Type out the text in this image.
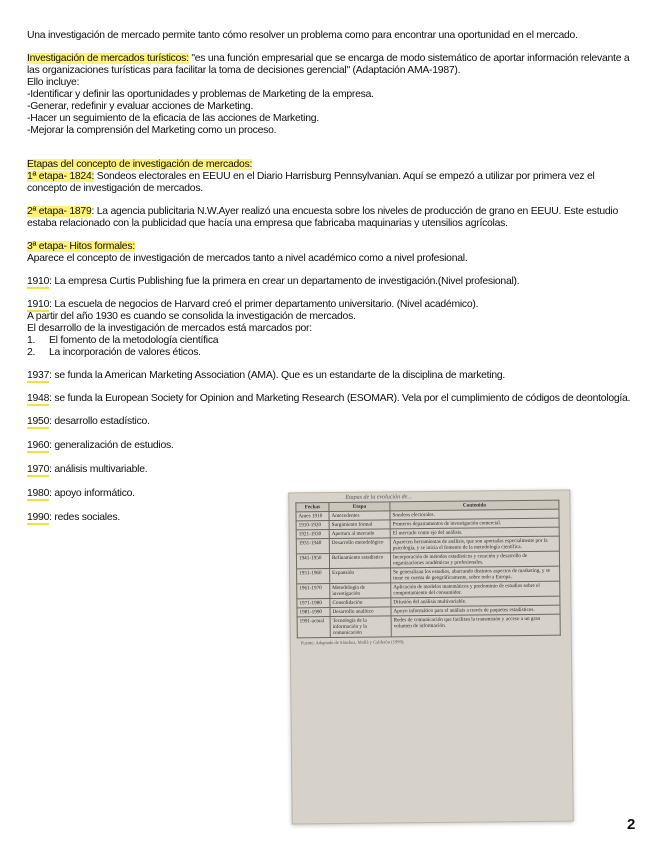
Una investigación de mercado permite tanto cómo resolver un problema como para encontrar una oportunidad en el mercado.

Investigación de mercados turísticos: "es una función empresarial que se encarga de modo sistemático de aportar información relevante a las organizaciones turísticas para facilitar la toma de decisiones gerencial" (Adaptación AMA-1987).

Ello incluye:

-Identificar y definir las oportunidades y problemas de Marketing de la empresa.

-Generar, redefinir y evaluar acciones de Marketing.

-Hacer un seguimiento de la eficacia de las acciones de Marketing.

-Mejorar la comprensión del Marketing como un proceso.

Etapas del concepto de investigación de mercados:

1ª etapa- 1824: Sondeos electorales en EEUU en el Diario Harrisburg Pennsylvanian. Aquí se empezó a utilizar por primera vez el concepto de investigación de mercados.

2ª etapa- 1879: La agencia publicitaria N.W.Ayer realizó una encuesta sobre los niveles de producción de grano en EEUU. Este estudio estaba relacionado con la publicidad que hacía una empresa que fabricaba maquinarias y utensilios agrícolas.

3ª etapa- Hitos formales:

Aparece el concepto de investigación de mercados tanto a nivel académico como a nivel profesional.

1910: La empresa Curtis Publishing fue la primera en crear un departamento de investigación.(Nivel profesional).

1910: La escuela de negocios de Harvard creó el primer departamento universitario. (Nivel académico).

A partir del año 1930 es cuando se consolida la investigación de mercados.

El desarrollo de la investigación de mercados está marcados por:

1. El fomento de la metodología científica

2. La incorporación de valores éticos.

1937: se funda la American Marketing Association (AMA). Que es un estandarte de la disciplina de marketing.

1948: se funda la European Society for Opinion and Marketing Research (ESOMAR). Vela por el cumplimiento de códigos de deontología.

1950: desarrollo estadístico.

1960: generalización de estudios.

1970: análisis multivariable.

1980: apoyo informático.

1990: redes sociales.

Etapas de la evolución de...
Fechas	Etapa	Contenido
Antes 1910	Antecedentes	Sondeos electorales.
1910-1920	Surgimiento formal	Primeros departamentos de investigación comercial.
1921-1930	Apertura al mercado	El mercado como eje del análisis.
1931-1940	Desarrollo metodológico	Aparecen herramientas de análisis, que son aportadas especialmente por la psicología, y se inicia el fomento de la metodología científica.
1941-1950	Refinamiento estadístico	Incorporación de métodos estadísticos y creación y desarrollo de organizaciones académicas y profesionales.
1951-1960	Expansión	Se generalizan los estudios, abarcando distintos aspectos de marketing, y se tiene en cuenta de geográficamente, sobre todo a Europa.
1961-1970	Metodología de investigación	Aplicación de modelos matemáticos y predominio de estudios sobre el comportamiento del consumidor.
1971-1980	Consolidación	Difusión del análisis multivariable.
1981-1990	Desarrollo analítico	Apoyo informático para el análisis a través de paquetes estadísticos.
1991-actual	Tecnología de la información y la comunicación	Redes de comunicación que facilitan la transmisión y acceso a un gran volumen de información.
Fuente: Adaptado de Sánchez, Mollá y Calderón (1999).
2
